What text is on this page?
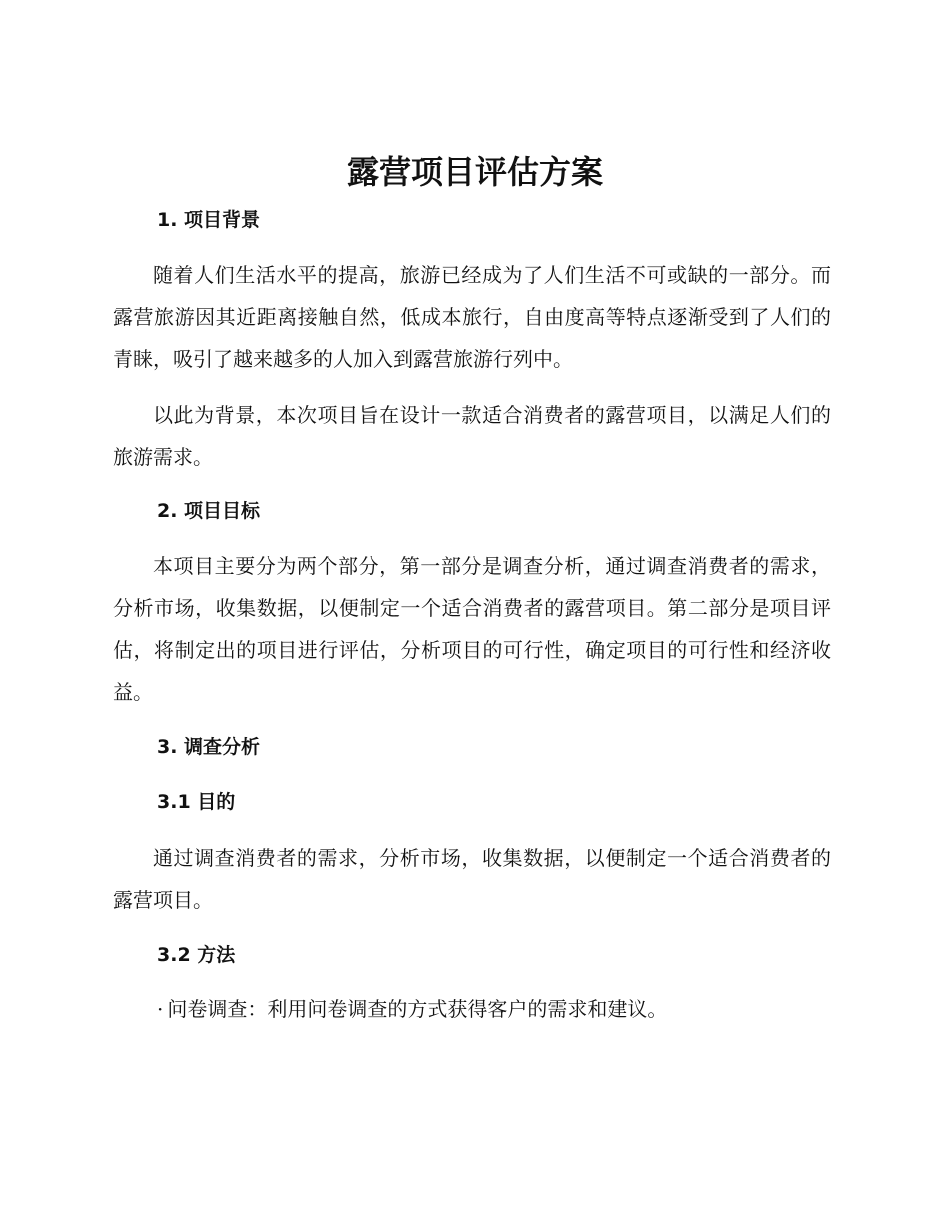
露营项目评估方案
1. 项目背景

随着人们生活水平的提高，旅游已经成为了人们生活不可或缺的一部分。而露营旅游因其近距离接触自然，低成本旅行，自由度高等特点逐渐受到了人们的青睐，吸引了越来越多的人加入到露营旅游行列中。

以此为背景，本次项目旨在设计一款适合消费者的露营项目，以满足人们的旅游需求。

2. 项目目标

本项目主要分为两个部分，第一部分是调查分析，通过调查消费者的需求，分析市场，收集数据，以便制定一个适合消费者的露营项目。第二部分是项目评估，将制定出的项目进行评估，分析项目的可行性，确定项目的可行性和经济收益。

3. 调查分析
3.1 目的

通过调查消费者的需求，分析市场，收集数据，以便制定一个适合消费者的露营项目。

3.2 方法

· 问卷调查：利用问卷调查的方式获得客户的需求和建议。
